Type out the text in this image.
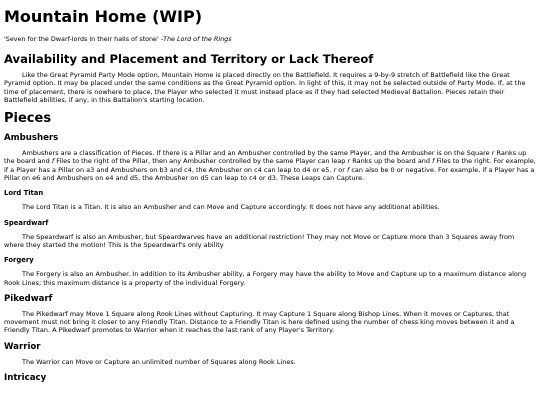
Mountain Home (WIP)
'Seven for the Dwarf-lords in their halls of stone' -The Lord of the Rings
Availability and Placement and Territory or Lack Thereof

Like the Great Pyramid Party Mode option, Mountain Home is placed directly on the Battlefield. It requires a 9-by-9 stretch of Battlefield like the Great Pyramid option. It may be placed under the same conditions as the Great Pyramid option. In light of this, it may not be selected outside of Party Mode. If, at the time of placement, there is nowhere to place, the Player who selected it must instead place as if they had selected Medieval Battalion. Pieces retain their Battlefield abilities, if any, in this Battalion's starting location.

Pieces
Ambushers

Ambushers are a classification of Pieces. If there is a Pillar and an Ambusher controlled by the same Player, and the Ambusher is on the Square r Ranks up the board and f Files to the right of the Pillar, then any Ambusher controlled by the same Player can leap r Ranks up the board and f Files to the right. For example, if a Player has a Pillar on a3 and Ambushers on b3 and c4, the Ambusher on c4 can leap to d4 or e5. r or f can also be 0 or negative. For example, if a Player has a Pillar on e6 and Ambushers on e4 and d5, the Ambusher on d5 can leap to c4 or d3. These Leaps can Capture.

Lord Titan

The Lord Titan is a Titan. It is also an Ambusher and can Move and Capture accordingly. It does not have any additional abilities.

Speardwarf

The Speardwarf is also an Ambusher, but Speardwarves have an additional restriction! They may not Move or Capture more than 3 Squares away from where they started the motion! This is the Speardwarf's only ability

Forgery

The Forgery is also an Ambusher. In addition to its Ambusher ability, a Forgery may have the ability to Move and Capture up to a maximum distance along Rook Lines; this maximum distance is a property of the individual Forgery.

Pikedwarf

The Pikedwarf may Move 1 Square along Rook Lines without Capturing. It may Capture 1 Square along Bishop Lines. When it moves or Captures, that movement must not bring it closer to any Friendly Titan. Distance to a Friendly Titan is here defined using the number of chess king moves between it and a Friendly Titan. A Pikedwarf promotes to Warrior when it reaches the last rank of any Player's Territory.

Warrior

The Warrior can Move or Capture an unlimited number of Squares along Rook Lines.

Intricacy
